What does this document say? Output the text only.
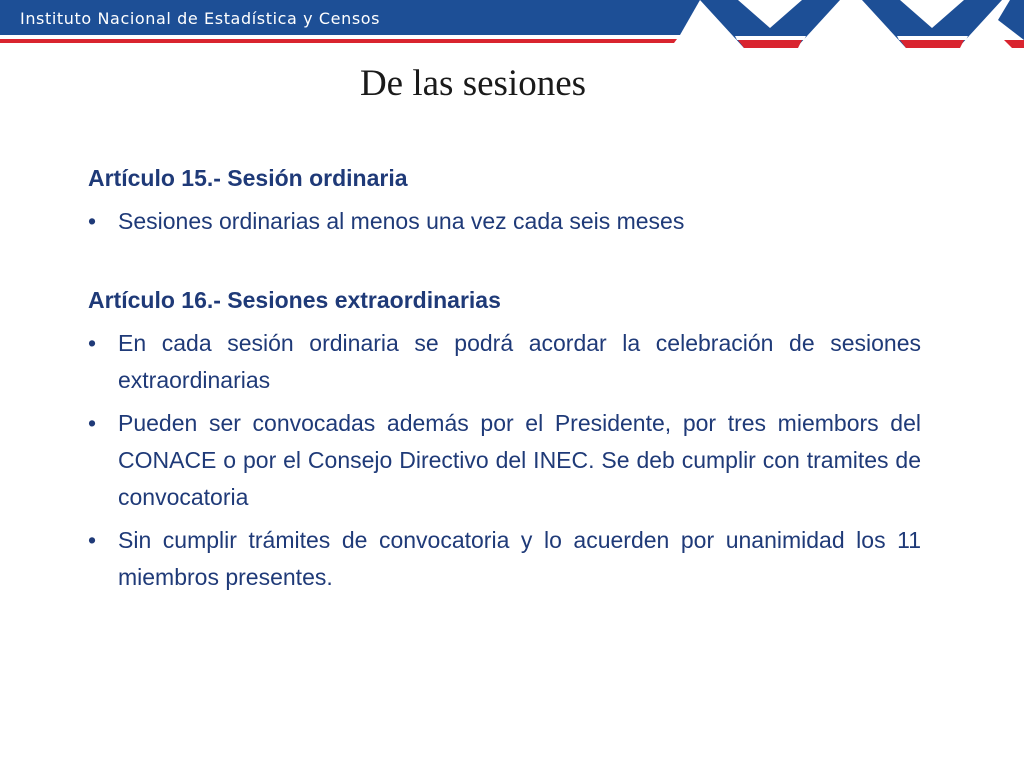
Instituto Nacional de Estadística y Censos
De las sesiones

Artículo 15.- Sesión ordinaria

• Sesiones ordinarias al menos una vez cada seis meses

Artículo 16.- Sesiones extraordinarias

• En cada sesión ordinaria se podrá acordar la celebración de sesiones extraordinarias
• Pueden ser convocadas además por el Presidente, por tres miembors del CONACE o por el Consejo Directivo del INEC. Se deb cumplir con tramites de convocatoria
• Sin cumplir trámites de convocatoria y lo acuerden por unanimidad los 11 miembros presentes.
